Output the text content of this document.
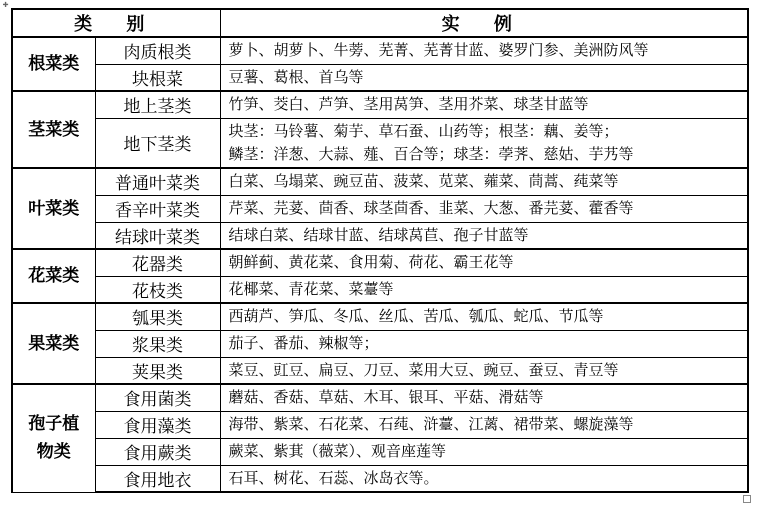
✚
类 别		实 例
根菜类	肉质根类	萝卜、胡萝卜、牛蒡、芜菁、芜菁甘蓝、婆罗门参、美洲防风等
	块根菜	豆薯、葛根、首乌等
茎菜类	地上茎类	竹笋、茭白、芦笋、茎用莴笋、茎用芥菜、球茎甘蓝等
	地下茎类	块茎：马铃薯、菊芋、草石蚕、山药等；根茎：藕、姜等；
鳞茎：洋葱、大蒜、薤、百合等；球茎：荸荠、慈姑、芋艿等

叶菜类	普通叶菜类	白菜、乌塌菜、豌豆苗、菠菜、苋菜、蕹菜、茼蒿、莼菜等
	香辛叶菜类	芹菜、芫荽、茴香、球茎茴香、韭菜、大葱、番芫荽、藿香等
	结球叶菜类	结球白菜、结球甘蓝、结球莴苣、孢子甘蓝等
花菜类	花器类	朝鲜蓟、黄花菜、食用菊、荷花、霸王花等
	花枝类	花椰菜、青花菜、菜薹等
果菜类	瓠果类	西葫芦、笋瓜、冬瓜、丝瓜、苦瓜、瓠瓜、蛇瓜、节瓜等
	浆果类	茄子、番茄、辣椒等；
	荚果类	菜豆、豇豆、扁豆、刀豆、菜用大豆、豌豆、蚕豆、青豆等

孢子植
物类	食用菌类	蘑菇、香菇、草菇、木耳、银耳、平菇、滑菇等
	食用藻类	海带、紫菜、石花菜、石莼、浒薹、江蓠、裙带菜、螺旋藻等
	食用蕨类	蕨菜、紫萁（薇菜）、观音座莲等
	食用地衣	石耳、树花、石蕊、冰岛衣等。
